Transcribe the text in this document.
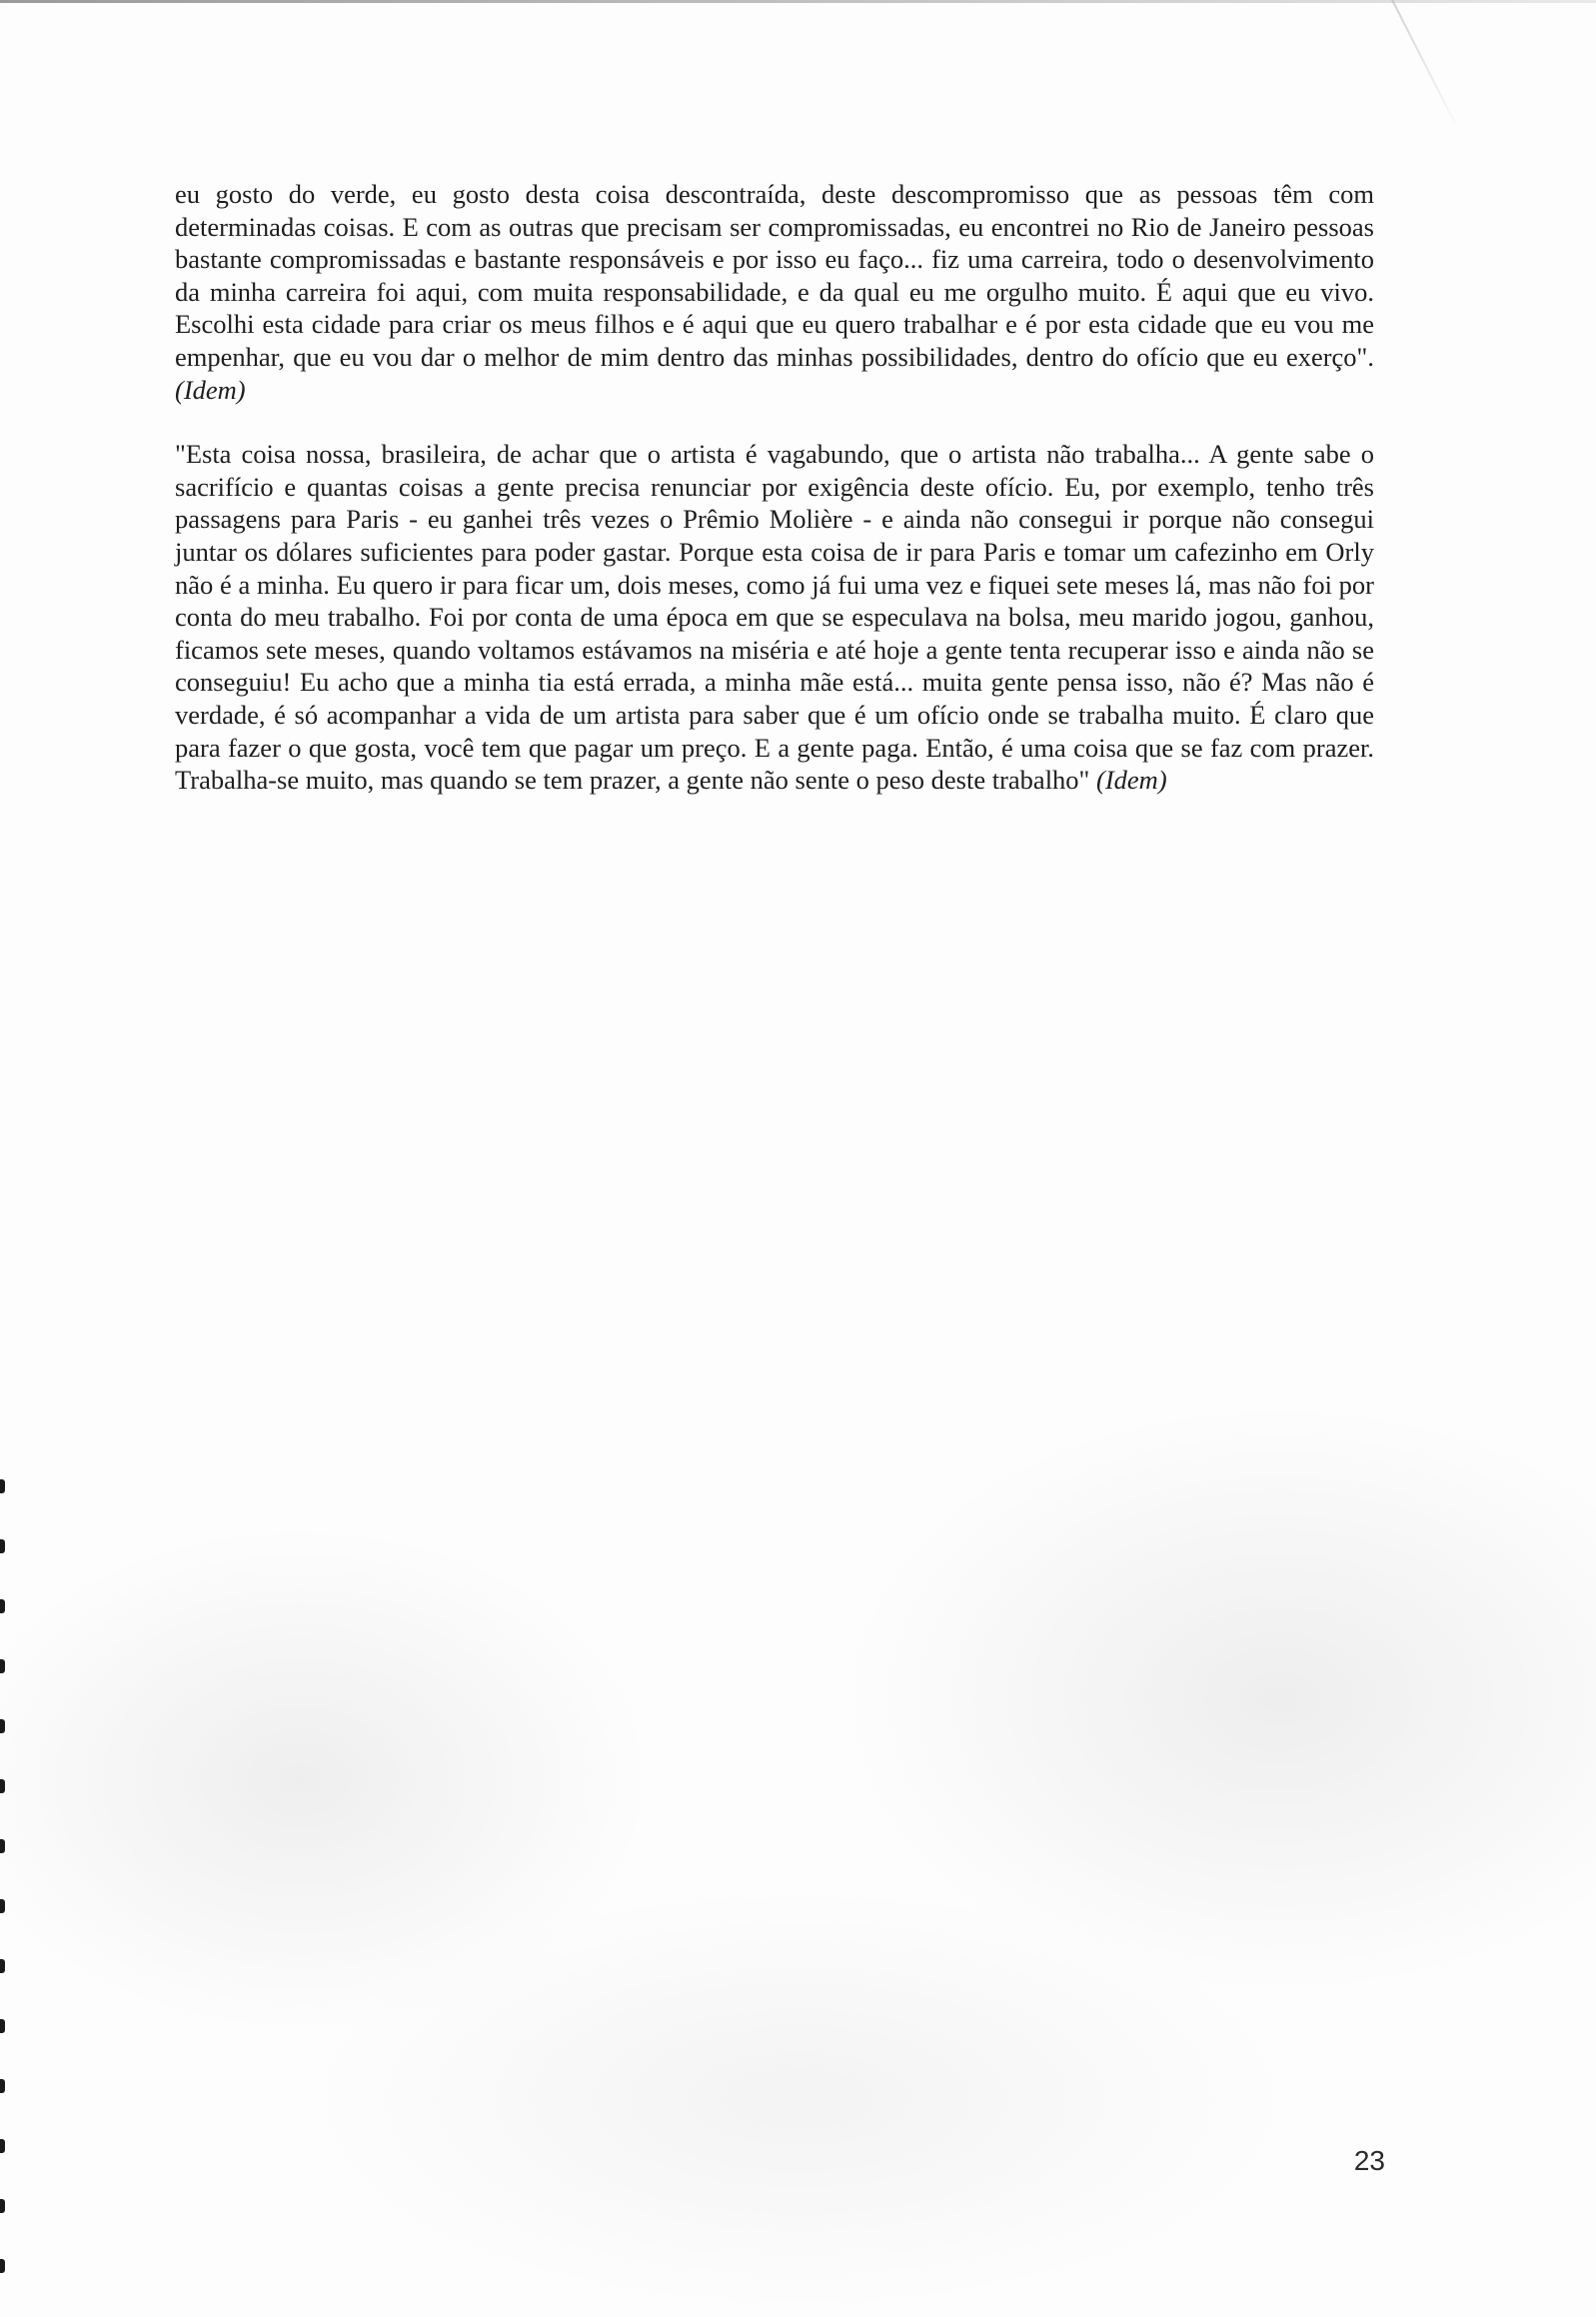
eu gosto do verde, eu gosto desta coisa descontraída, deste descompromisso que as pessoas têm com determinadas coisas. E com as outras que precisam ser compromissadas, eu encontrei no Rio de Janeiro pessoas bastante compromissadas e bastante responsáveis e por isso eu faço... fiz uma carreira, todo o desenvolvimento da minha carreira foi aqui, com muita responsabilidade, e da qual eu me orgulho muito. É aqui que eu vivo. Escolhi esta cidade para criar os meus filhos e é aqui que eu quero trabalhar e é por esta cidade que eu vou me empenhar, que eu vou dar o melhor de mim dentro das minhas possibilidades, dentro do ofício que eu exerço". (Idem)

"Esta coisa nossa, brasileira, de achar que o artista é vagabundo, que o artista não trabalha... A gente sabe o sacrifício e quantas coisas a gente precisa renunciar por exigência deste ofício. Eu, por exemplo, tenho três passagens para Paris - eu ganhei três vezes o Prêmio Molière - e ainda não consegui ir porque não consegui juntar os dólares suficientes para poder gastar. Porque esta coisa de ir para Paris e tomar um cafezinho em Orly não é a minha. Eu quero ir para ficar um, dois meses, como já fui uma vez e fiquei sete meses lá, mas não foi por conta do meu trabalho. Foi por conta de uma época em que se especulava na bolsa, meu marido jogou, ganhou, ficamos sete meses, quando voltamos estávamos na miséria e até hoje a gente tenta recuperar isso e ainda não se conseguiu! Eu acho que a minha tia está errada, a minha mãe está... muita gente pensa isso, não é? Mas não é verdade, é só acompanhar a vida de um artista para saber que é um ofício onde se trabalha muito. É claro que para fazer o que gosta, você tem que pagar um preço. E a gente paga. Então, é uma coisa que se faz com prazer. Trabalha-se muito, mas quando se tem prazer, a gente não sente o peso deste trabalho" (Idem)

23
